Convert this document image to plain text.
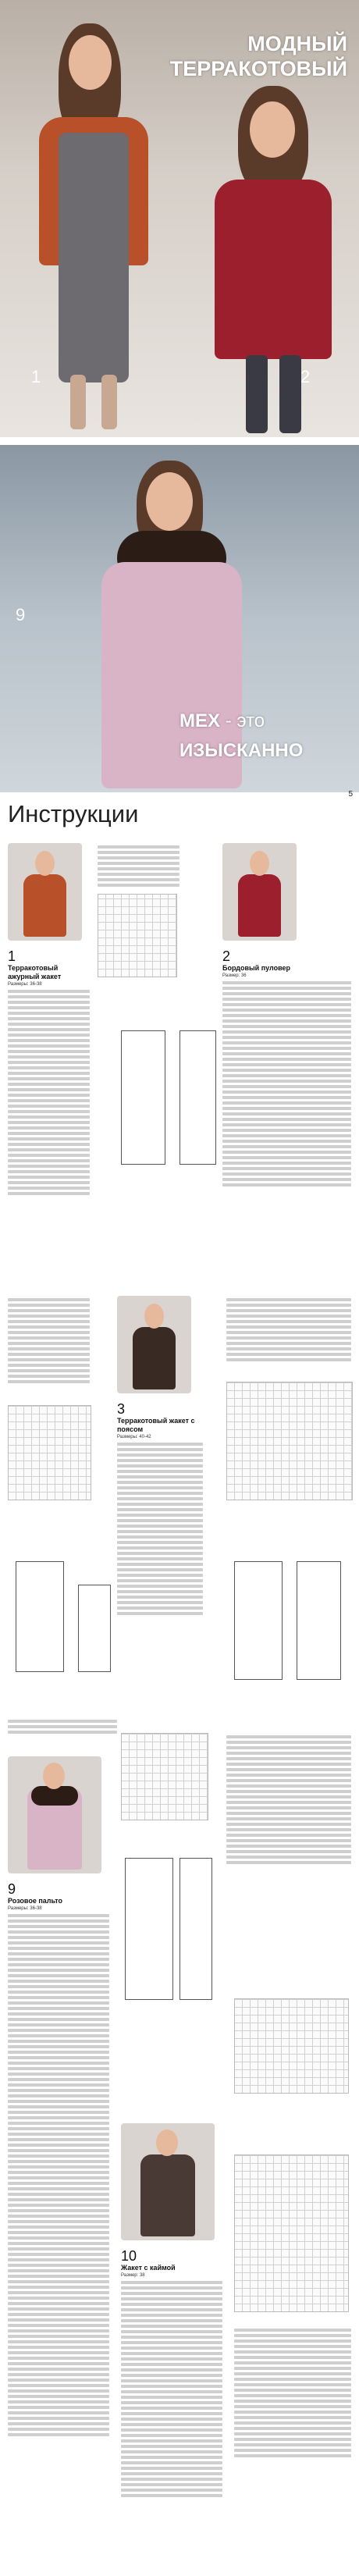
МОДНЫЙ
ТЕРРАКОТОВЫЙ
1	2
9
МЕХ - это
ИЗЫСКАННО
5
Инструкции
1
Терракотовый ажурный жакет
Размеры: 36-38
2
Бордовый пуловер
Размер: 36
3
Терракотовый жакет с поясом
Размеры: 40-42
9
Розовое пальто
Размеры: 36-38
10
Жакет с каймой
Размер: 38
